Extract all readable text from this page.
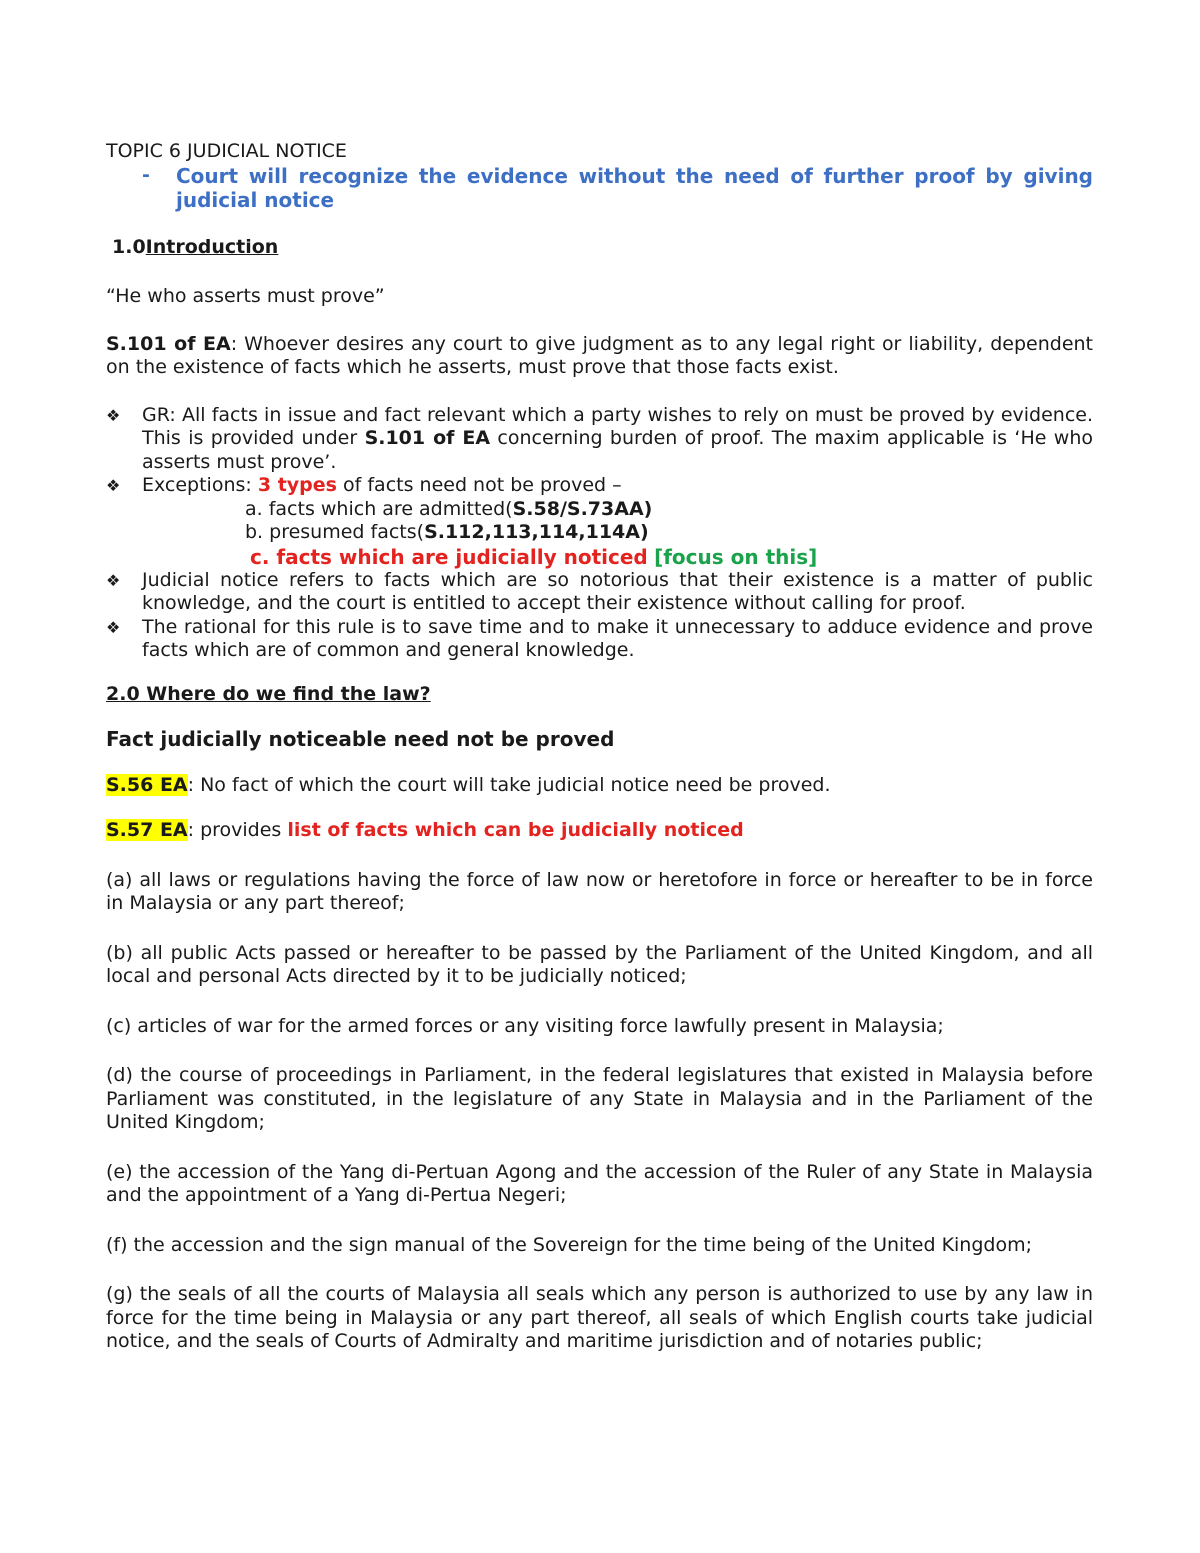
TOPIC 6 JUDICIAL NOTICE

-	Court will recognize the evidence without the need of further proof by giving judicial notice

1.0Introduction

“He who asserts must prove”

S.101 of EA: Whoever desires any court to give judgment as to any legal right or liability, dependent on the existence of facts which he asserts, must prove that those facts exist.

❖	GR: All facts in issue and fact relevant which a party wishes to rely on must be proved by evidence. This is provided under S.101 of EA concerning burden of proof. The maxim applicable is ‘He who asserts must prove’.

❖	Exceptions: 3 types of facts need not be proved –

a. facts which are admitted(S.58/S.73AA)

b. presumed facts(S.112,113,114,114A)

c. facts which are judicially noticed [focus on this]

❖	Judicial notice refers to facts which are so notorious that their existence is a matter of public knowledge, and the court is entitled to accept their existence without calling for proof.

❖	The rational for this rule is to save time and to make it unnecessary to adduce evidence and prove facts which are of common and general knowledge.

2.0 Where do we find the law?

Fact judicially noticeable need not be proved

S.56 EA: No fact of which the court will take judicial notice need be proved.

S.57 EA: provides list of facts which can be judicially noticed

(a) all laws or regulations having the force of law now or heretofore in force or hereafter to be in force in Malaysia or any part thereof;

(b) all public Acts passed or hereafter to be passed by the Parliament of the United Kingdom, and all local and personal Acts directed by it to be judicially noticed;

(c) articles of war for the armed forces or any visiting force lawfully present in Malaysia;

(d) the course of proceedings in Parliament, in the federal legislatures that existed in Malaysia before Parliament was constituted, in the legislature of any State in Malaysia and in the Parliament of the United Kingdom;

(e) the accession of the Yang di-Pertuan Agong and the accession of the Ruler of any State in Malaysia and the appointment of a Yang di-Pertua Negeri;

(f) the accession and the sign manual of the Sovereign for the time being of the United Kingdom;

(g) the seals of all the courts of Malaysia all seals which any person is authorized to use by any law in force for the time being in Malaysia or any part thereof, all seals of which English courts take judicial notice, and the seals of Courts of Admiralty and maritime jurisdiction and of notaries public;
